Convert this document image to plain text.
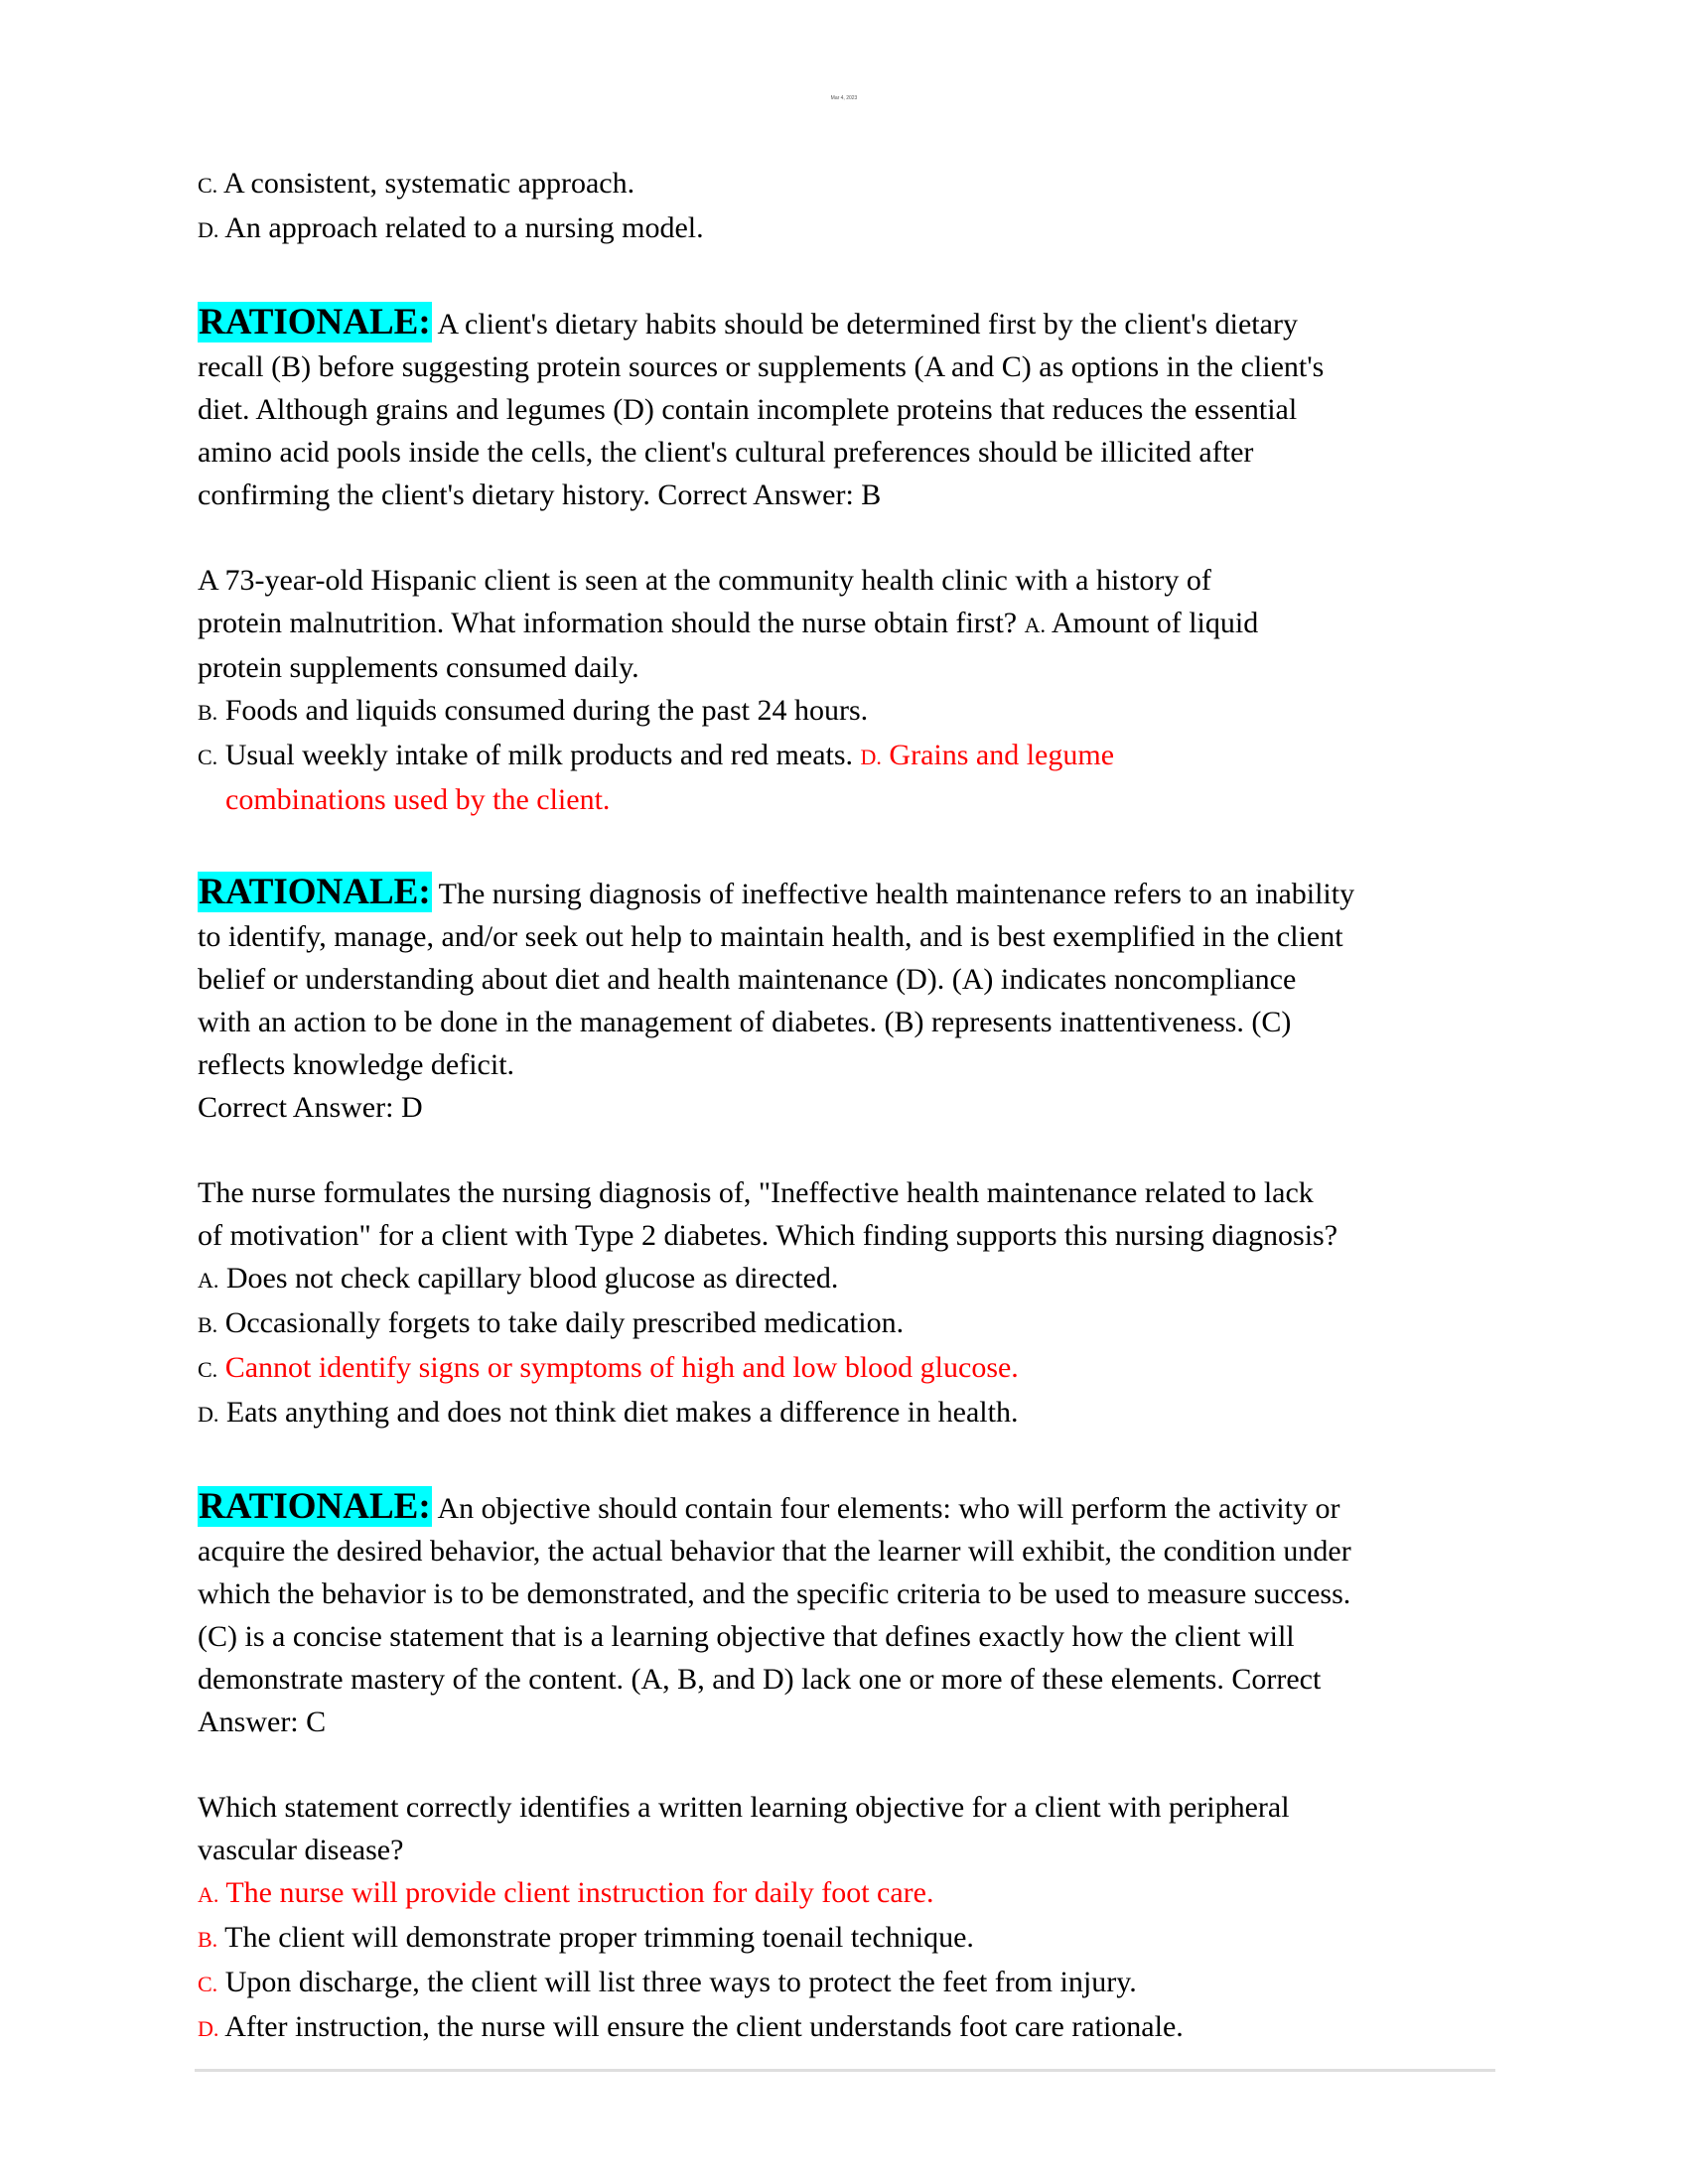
Mar 4, 2023
C. A consistent, systematic approach.
D. An approach related to a nursing model.
RATIONALE: A client's dietary habits should be determined first by the client's dietary
recall (B) before suggesting protein sources or supplements (A and C) as options in the client's
diet. Although grains and legumes (D) contain incomplete proteins that reduces the essential
amino acid pools inside the cells, the client's cultural preferences should be illicited after
confirming the client's dietary history. Correct Answer: B
A 73-year-old Hispanic client is seen at the community health clinic with a history of
protein malnutrition. What information should the nurse obtain first? A. Amount of liquid
protein supplements consumed daily.
B. Foods and liquids consumed during the past 24 hours.
C. Usual weekly intake of milk products and red meats. D. Grains and legume
combinations used by the client.
RATIONALE: The nursing diagnosis of ineffective health maintenance refers to an inability
to identify, manage, and/or seek out help to maintain health, and is best exemplified in the client
belief or understanding about diet and health maintenance (D). (A) indicates noncompliance
with an action to be done in the management of diabetes. (B) represents inattentiveness. (C)
reflects knowledge deficit.
Correct Answer: D
The nurse formulates the nursing diagnosis of, "Ineffective health maintenance related to lack
of motivation" for a client with Type 2 diabetes. Which finding supports this nursing diagnosis?
A. Does not check capillary blood glucose as directed.
B. Occasionally forgets to take daily prescribed medication.
C. Cannot identify signs or symptoms of high and low blood glucose.
D. Eats anything and does not think diet makes a difference in health.
RATIONALE: An objective should contain four elements: who will perform the activity or
acquire the desired behavior, the actual behavior that the learner will exhibit, the condition under
which the behavior is to be demonstrated, and the specific criteria to be used to measure success.
(C) is a concise statement that is a learning objective that defines exactly how the client will
demonstrate mastery of the content. (A, B, and D) lack one or more of these elements. Correct
Answer: C
Which statement correctly identifies a written learning objective for a client with peripheral
vascular disease?
A. The nurse will provide client instruction for daily foot care.
B. The client will demonstrate proper trimming toenail technique.
C. Upon discharge, the client will list three ways to protect the feet from injury.
D. After instruction, the nurse will ensure the client understands foot care rationale.
